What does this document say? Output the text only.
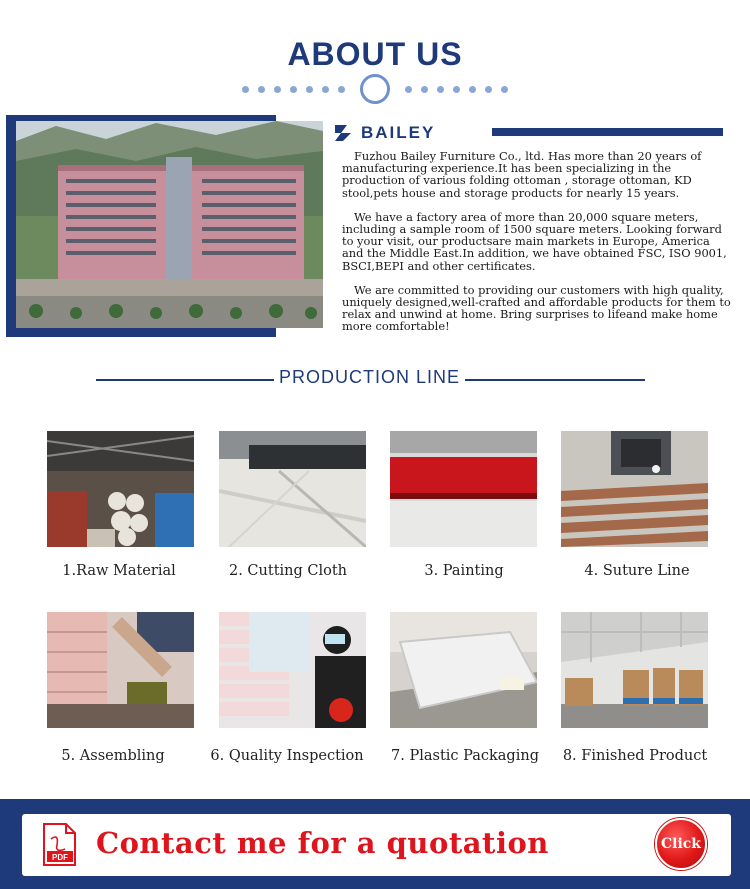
ABOUT US
BAILEY

Fuzhou Bailey Furniture Co., ltd. Has more than 20 years of manufacturing experience.It has been specializing in the production of various folding ottoman , storage ottoman, KD stool,pets house and storage products for nearly 15 years.

We have a factory area of more than 20,000 square meters, including a sample room of 1500 square meters. Looking forward to your visit, our productsare main markets in Europe, America and the Middle East.In addition, we have obtained FSC, ISO 9001, BSCI,BEPI and other certificates.

We are committed to providing our customers with high quality, uniquely designed,well-crafted and affordable products for them to relax and unwind at home. Bring surprises to lifeand make home more comfortable!

PRODUCTION LINE
1.Raw Material	2. Cutting Cloth	3. Painting	4. Suture Line
5. Assembling	6. Quality Inspection	7. Plastic Packaging	8. Finished Product
PDF Contact me for a quotation	Click
